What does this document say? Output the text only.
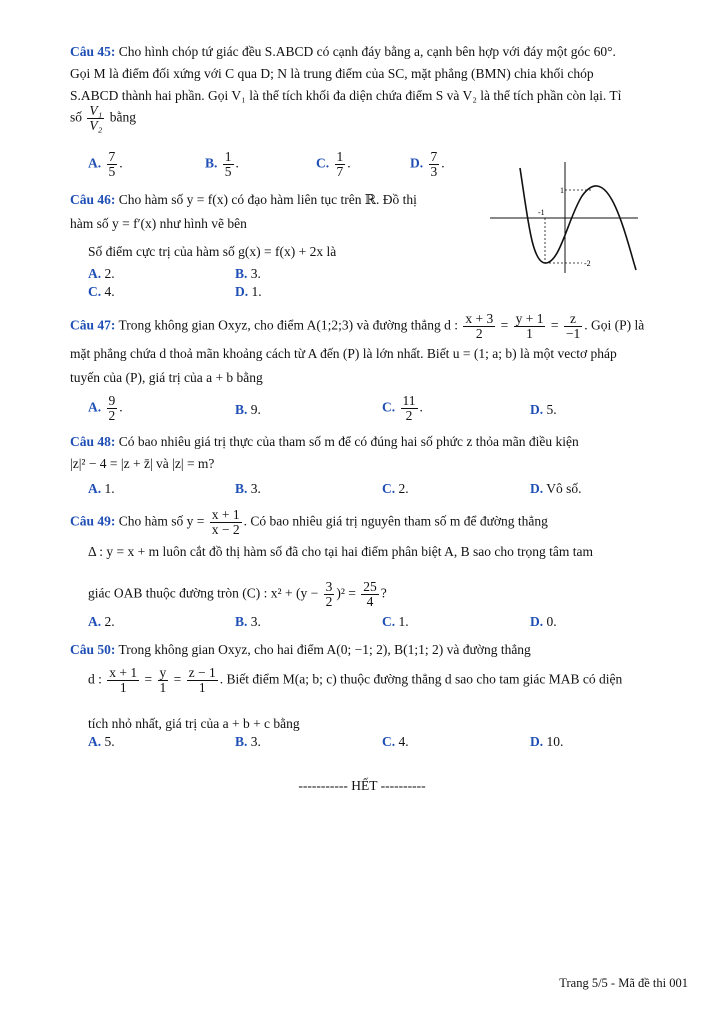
Câu 45: Cho hình chóp tứ giác đều S.ABCD có cạnh đáy bằng a, cạnh bên hợp với đáy một góc 60°.
Gọi M là điểm đối xứng với C qua D; N là trung điểm của SC, mặt phẳng (BMN) chia khối chóp
S.ABCD thành hai phần. Gọi V₁ là thể tích khối đa diện chứa điểm S và V₂ là thể tích phần còn lại. Tỉ
số $\frac{\text{V₁}}{\text{V₂}}$ bằng
A. $\frac{7}{5}$ .	B. $\frac{1}{5}$ .	C. $\frac{1}{7}$ .	D. $\frac{7}{3}$ .
Câu 46: Cho hàm số y = f(x) có đạo hàm liên tục trên ℝ. Đồ thị
hàm số y = f′(x) như hình vẽ bên
Số điểm cực trị của hàm số g(x) = f(x) + 2x là
A. 2.	B. 3.
C. 4.	D. 1.
1
-1
-2
Câu 47: Trong không gian Oxyz, cho điểm A(1;2;3) và đường thẳng d : $\frac{x + 3}{2} = \frac{y + 1}{1} = \frac{z}{-1}$ . Gọi (P) là
mặt phẳng chứa d thoả mãn khoảng cách từ A đến (P) là lớn nhất. Biết u = (1; a; b) là một vectơ pháp
tuyến của (P), giá trị của a + b bằng
A. $\frac{9}{2}$ .	B. 9.	C. $\frac{11}{2}$ .	D. 5.
Câu 48: Có bao nhiêu giá trị thực của tham số m để có đúng hai số phức z thỏa mãn điều kiện
|z|² − 4 = |z + z̄| và |z| = m?
A. 1.	B. 3.	C. 2.	D. Vô số.
Câu 49: Cho hàm số $y = \frac{x + 1}{x - 2}$ . Có bao nhiêu giá trị nguyên tham số m để đường thẳng
Δ : y = x + m luôn cắt đồ thị hàm số đã cho tại hai điểm phân biệt A, B sao cho trọng tâm tam
giác OAB thuộc đường tròn (C) : $x^2 + (y - \frac{3}{2} )^2 = \frac{25}{4}$ ?
A. 2.	B. 3.	C. 1.	D. 0.
Câu 50: Trong không gian Oxyz, cho hai điểm A(0; −1; 2), B(1;1; 2) và đường thẳng
d : $\frac{x + 1}{1} = \frac{y}{1} = \frac{z - 1}{1}$ . Biết điểm M(a; b; c) thuộc đường thẳng d sao cho tam giác MAB có diện
tích nhỏ nhất, giá trị của a + b + c bằng
A. 5.	B. 3.	C. 4.	D. 10.
----------- HẾT ----------
Trang 5/5 - Mã đề thi 001
